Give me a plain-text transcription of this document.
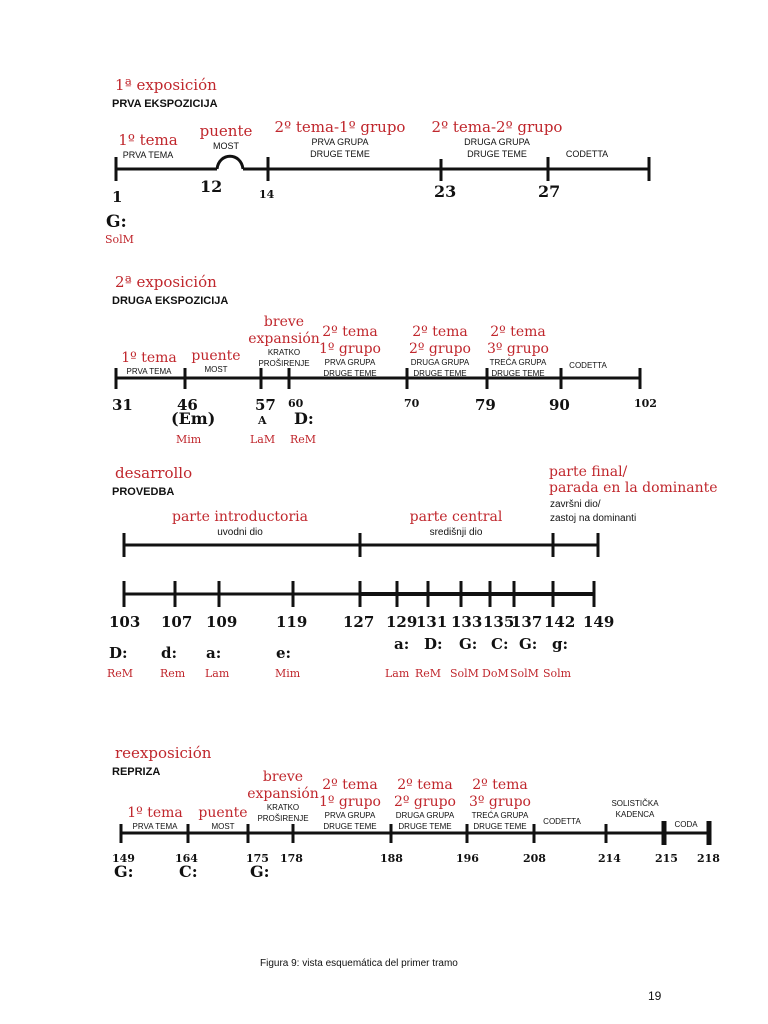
1ª exposición
PRVA EKSPOZICIJA
1º tema
PRVA TEMA
puente
MOST
2º tema-1º grupo
PRVA GRUPA
DRUGE TEME
2º tema-2º grupo
DRUGA GRUPA
DRUGE TEME	CODETTA
1
12	14	23	27
G:
SolM
2ª exposición
DRUGA EKSPOZICIJA
1º tema
PRVA TEMA
puente
MOST
breve
expansión
KRATKO
PROŠIRENJE
2º tema
1º grupo
PRVA GRUPA
DRUGE TEME
2º tema
2º grupo
DRUGA GRUPA
DRUGE TEME
2º tema
3º grupo
TREĆA GRUPA
DRUGE TEME
CODETTA
31	46	57 60	70	79	90	102
(Em)	A D:
Mim	LaM ReM
desarrollo
PROVEDBA
parte introductoria
uvodni dio
parte central
središnji dio
parte final/
parada en la dominante
završni dio/
zastoj na dominanti
103
D:
ReM
107
d:
Rem
109
a:
Lam
119
e:
Mim
127 129
a:
Lam
131
D:
ReM
133
G:
SolM
135
C:
DoM
137
G:
SolM
142
g:
Solm
149
reexposición
REPRIZA
1º tema
PRVA TEMA
puente
MOST
breve
expansión
KRATKO
PROŠIRENJE
2º tema
1º grupo
PRVA GRUPA
DRUGE TEME
2º tema
2º grupo
DRUGA GRUPA
DRUGE TEME
2º tema
3º grupo
TREĆA GRUPA
DRUGE TEME
CODETTA
SOLISTIČKA
KADENCA
CODA
149
G:
164
C:
175
G:
178	188	196	208	214	215 218
Figura 9: vista esquemática del primer tramo
19
